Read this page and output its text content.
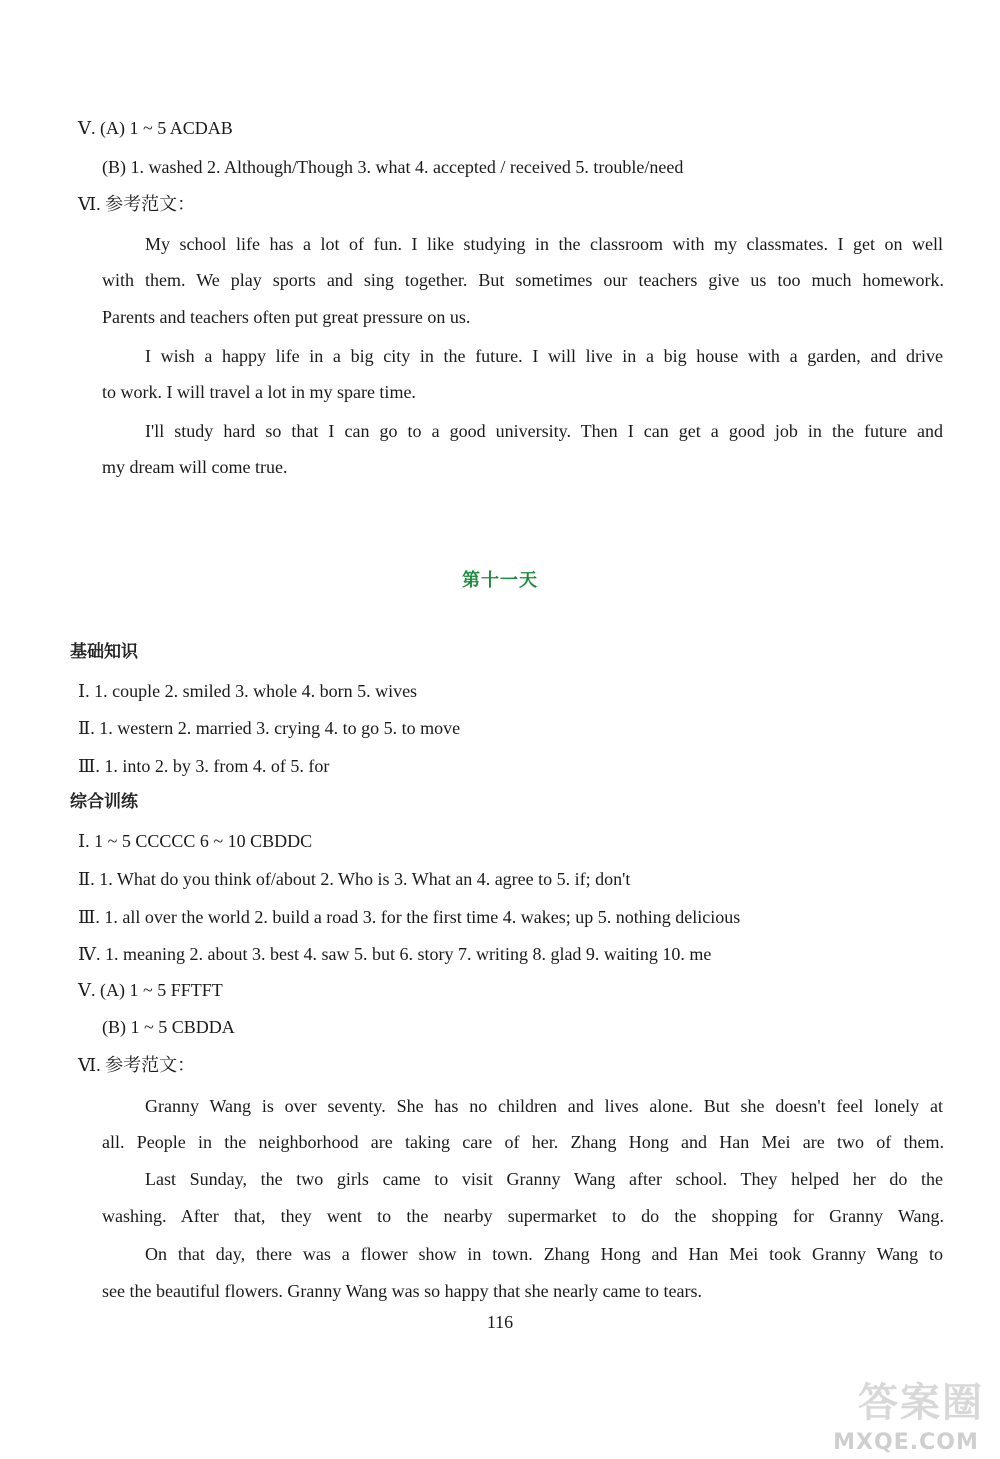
Ⅴ. (A) 1 ~ 5 ACDAB
(B) 1. washed 2. Although/Though 3. what 4. accepted / received 5. trouble/need
Ⅵ. 参考范文：
My school life has a lot of fun. I like studying in the classroom with my classmates. I get on well
with them. We play sports and sing together. But sometimes our teachers give us too much homework.
Parents and teachers often put great pressure on us.
I wish a happy life in a big city in the future. I will live in a big house with a garden, and drive
to work. I will travel a lot in my spare time.
I'll study hard so that I can go to a good university. Then I can get a good job in the future and
my dream will come true.
第十一天
基础知识
Ⅰ. 1. couple 2. smiled 3. whole 4. born 5. wives
Ⅱ. 1. western 2. married 3. crying 4. to go 5. to move
Ⅲ. 1. into 2. by 3. from 4. of 5. for
综合训练
Ⅰ. 1 ~ 5 CCCCC 6 ~ 10 CBDDC
Ⅱ. 1. What do you think of/about 2. Who is 3. What an 4. agree to 5. if; don't
Ⅲ. 1. all over the world 2. build a road 3. for the first time 4. wakes; up 5. nothing delicious
Ⅳ. 1. meaning 2. about 3. best 4. saw 5. but 6. story 7. writing 8. glad 9. waiting 10. me
Ⅴ. (A) 1 ~ 5 FFTFT
(B) 1 ~ 5 CBDDA
Ⅵ. 参考范文：
Granny Wang is over seventy. She has no children and lives alone. But she doesn't feel lonely at
all. People in the neighborhood are taking care of her. Zhang Hong and Han Mei are two of them.
Last Sunday, the two girls came to visit Granny Wang after school. They helped her do the
washing. After that, they went to the nearby supermarket to do the shopping for Granny Wang.
On that day, there was a flower show in town. Zhang Hong and Han Mei took Granny Wang to
see the beautiful flowers. Granny Wang was so happy that she nearly came to tears.
116
答案圈
MXQE.COM
